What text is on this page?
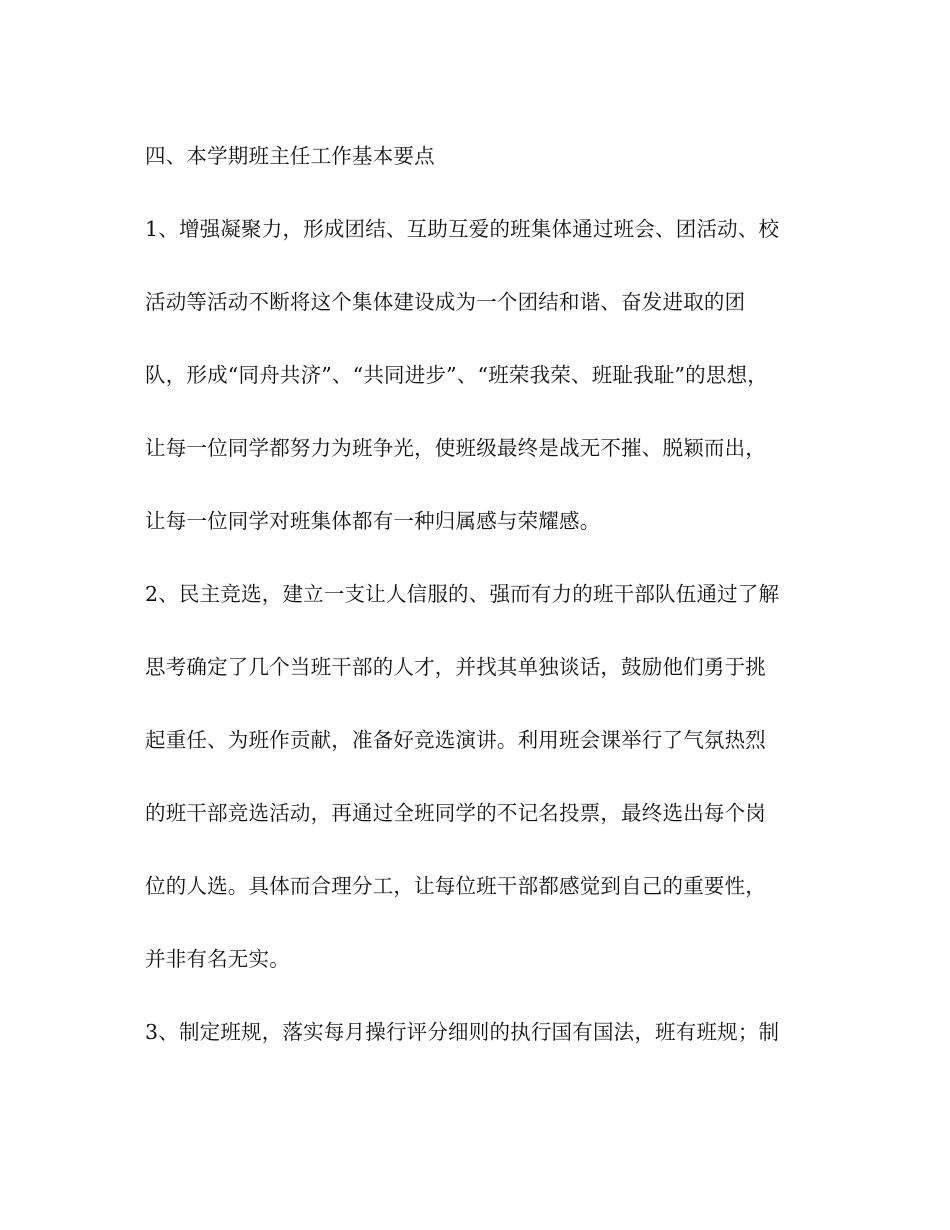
四、本学期班主任工作基本要点
1、增强凝聚力，形成团结、互助互爱的班集体通过班会、团活动、校
活动等活动不断将这个集体建设成为一个团结和谐、奋发进取的团
队，形成“同舟共济”、“共同进步”、“班荣我荣、班耻我耻”的思想，
让每一位同学都努力为班争光，使班级最终是战无不摧、脱颖而出，
让每一位同学对班集体都有一种归属感与荣耀感。
2、民主竞选，建立一支让人信服的、强而有力的班干部队伍通过了解
思考确定了几个当班干部的人才，并找其单独谈话，鼓励他们勇于挑
起重任、为班作贡献，准备好竞选演讲。利用班会课举行了气氛热烈
的班干部竞选活动，再通过全班同学的不记名投票，最终选出每个岗
位的人选。具体而合理分工，让每位班干部都感觉到自己的重要性，
并非有名无实。
3、制定班规，落实每月操行评分细则的执行国有国法，班有班规；制
